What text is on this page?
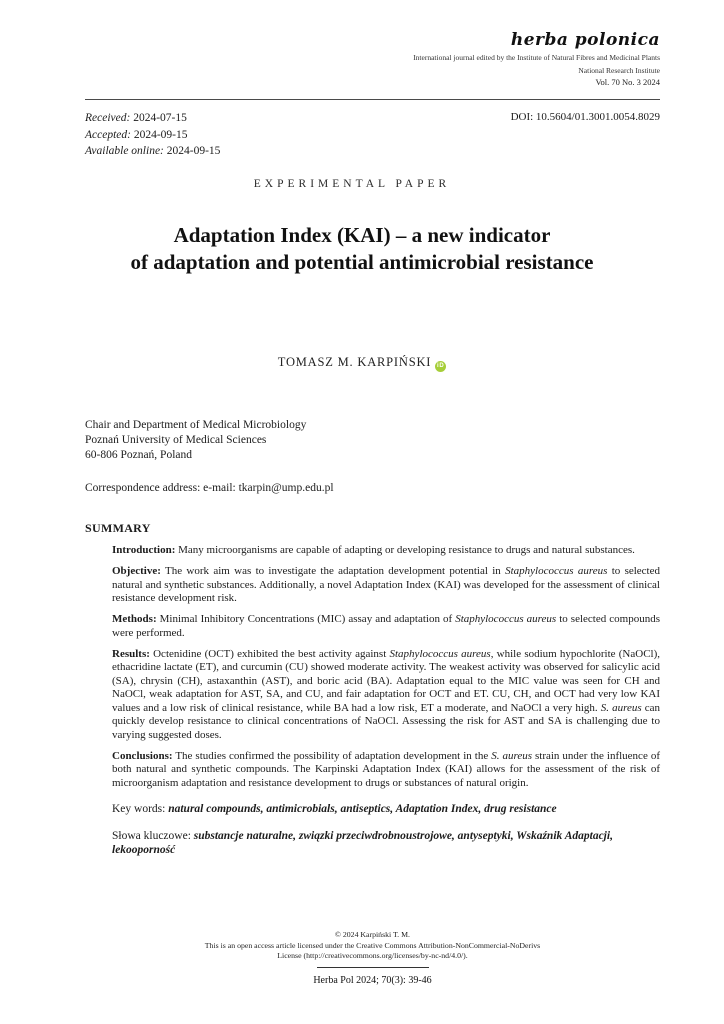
herba polonica
International journal edited by the Institute of Natural Fibres and Medicinal Plants
National Research Institute
Vol. 70 No. 3 2024
Received: 2024-07-15
Accepted: 2024-09-15
Available online: 2024-09-15
DOI: 10.5604/01.3001.0054.8029
EXPERIMENTAL PAPER
Adaptation Index (KAI) – a new indicator
of adaptation and potential antimicrobial resistance
TOMASZ M. KARPIŃSKI iD
Chair and Department of Medical Microbiology
Poznań University of Medical Sciences
60-806 Poznań, Poland
Correspondence address: e-mail: tkarpin@ump.edu.pl
SUMMARY

Introduction: Many microorganisms are capable of adapting or developing resistance to drugs and natural substances.

Objective: The work aim was to investigate the adaptation development potential in Staphylococcus aureus to selected natural and synthetic substances. Additionally, a novel Adaptation Index (KAI) was developed for the assessment of clinical resistance development risk.

Methods: Minimal Inhibitory Concentrations (MIC) assay and adaptation of Staphylococcus aureus to selected compounds were performed.

Results: Octenidine (OCT) exhibited the best activity against Staphylococcus aureus, while sodium hypochlorite (NaOCl), ethacridine lactate (ET), and curcumin (CU) showed moderate activity. The weakest activity was observed for salicylic acid (SA), chrysin (CH), astaxanthin (AST), and boric acid (BA). Adaptation equal to the MIC value was seen for CH and NaOCl, weak adaptation for AST, SA, and CU, and fair adaptation for OCT and ET. CU, CH, and OCT had very low KAI values and a low risk of clinical resistance, while BA had a low risk, ET a moderate, and NaOCl a very high. S. aureus can quickly develop resistance to clinical concentrations of NaOCl. Assessing the risk for AST and SA is challenging due to varying suggested doses.

Conclusions: The studies confirmed the possibility of adaptation development in the S. aureus strain under the influence of both natural and synthetic compounds. The Karpinski Adaptation Index (KAI) allows for the assessment of the risk of microorganism adaptation and resistance development to drugs or substances of natural origin.

Key words: natural compounds, antimicrobials, antiseptics, Adaptation Index, drug resistance

Słowa kluczowe: substancje naturalne, związki przeciwdrobnoustrojowe, antyseptyki, Wskaźnik Adaptacji, lekooporność

© 2024 Karpiński T. M.
This is an open access article licensed under the Creative Commons Attribution-NonCommercial-NoDerivs
License (http://creativecommons.org/licenses/by-nc-nd/4.0/).
Herba Pol 2024; 70(3): 39-46
